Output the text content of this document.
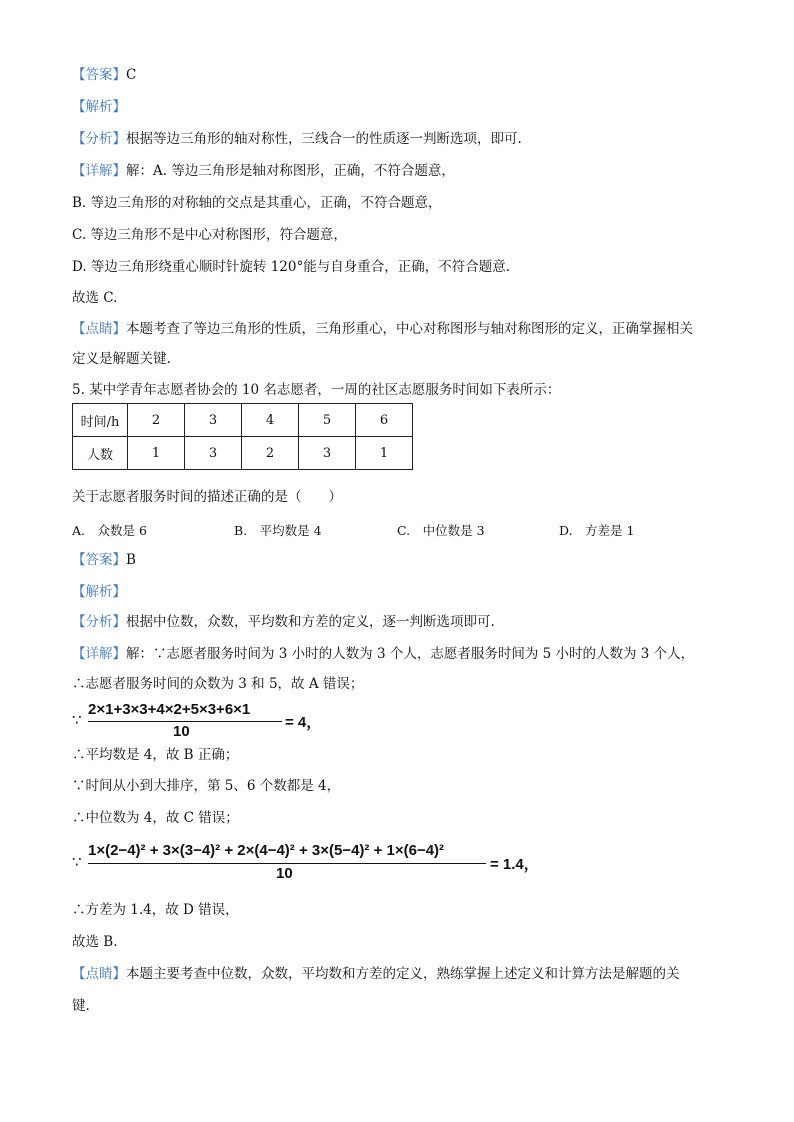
【答案】C
【解析】
【分析】根据等边三角形的轴对称性，三线合一的性质逐一判断选项，即可.
【详解】解：A. 等边三角形是轴对称图形，正确，不符合题意，
B. 等边三角形的对称轴的交点是其重心，正确，不符合题意，
C. 等边三角形不是中心对称图形，符合题意，
D. 等边三角形绕重心顺时针旋转 120°能与自身重合，正确，不符合题意.
故选 C.
【点睛】本题考查了等边三角形的性质，三角形重心，中心对称图形与轴对称图形的定义，正确掌握相关
定义是解题关键.
5. 某中学青年志愿者协会的 10 名志愿者，一周的社区志愿服务时间如下表所示：
时间/h	2	3	4	5	6
人数	1	3	2	3	1
关于志愿者服务时间的描述正确的是（　　）
A.　众数是 6	B.　平均数是 4	C.　中位数是 3	D.　方差是 1
【答案】B
【解析】
【分析】根据中位数，众数，平均数和方差的定义，逐一判断选项即可.
【详解】解：∵志愿者服务时间为 3 小时的人数为 3 个人，志愿者服务时间为 5 小时的人数为 3 个人，
∴志愿者服务时间的众数为 3 和 5，故 A 错误；
∵
2×1+3×3+4×2+5×3+6×1
10
= 4，
∴平均数是 4，故 B 正确；
∵时间从小到大排序，第 5、6 个数都是 4，
∴中位数为 4，故 C 错误；
∵
1×(2−4)² + 3×(3−4)² + 2×(4−4)² + 3×(5−4)² + 1×(6−4)²
10
= 1.4，
∴方差为 1.4，故 D 错误，
故选 B.
【点睛】本题主要考查中位数，众数，平均数和方差的定义，熟练掌握上述定义和计算方法是解题的关
键.
